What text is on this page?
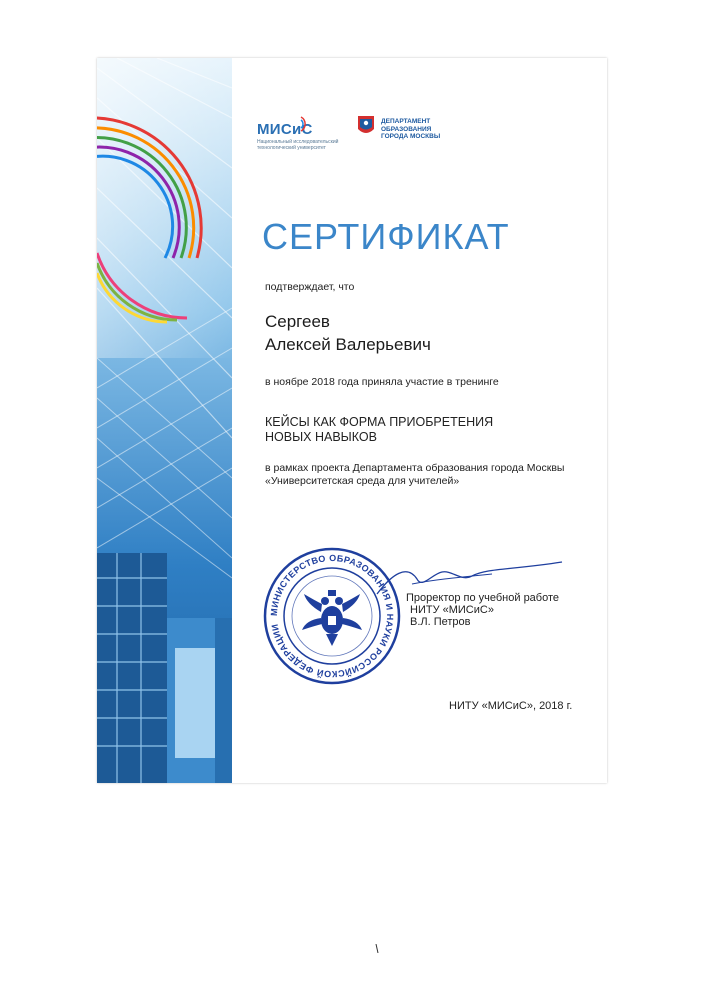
МИСиС
Национальный исследовательский технологический университет
ДЕПАРТАМЕНТ
ОБРАЗОВАНИЯ
ГОРОДА МОСКВЫ
СЕРТИФИКАТ
подтверждает, что
Сергеев
Алексей Валерьевич
в ноябре 2018 года приняла участие в тренинге
КЕЙСЫ КАК ФОРМА ПРИОБРЕТЕНИЯ
НОВЫХ НАВЫКОВ
в рамках проекта Департамента образования города Москвы
«Университетская среда для учителей»
МИНИСТЕРСТВО ОБРАЗОВАНИЯ И НАУКИ РОССИЙСКОЙ ФЕДЕРАЦИИ
Проректор по учебной работе
НИТУ «МИСиС»
В.Л. Петров
НИТУ «МИСиС», 2018 г.
